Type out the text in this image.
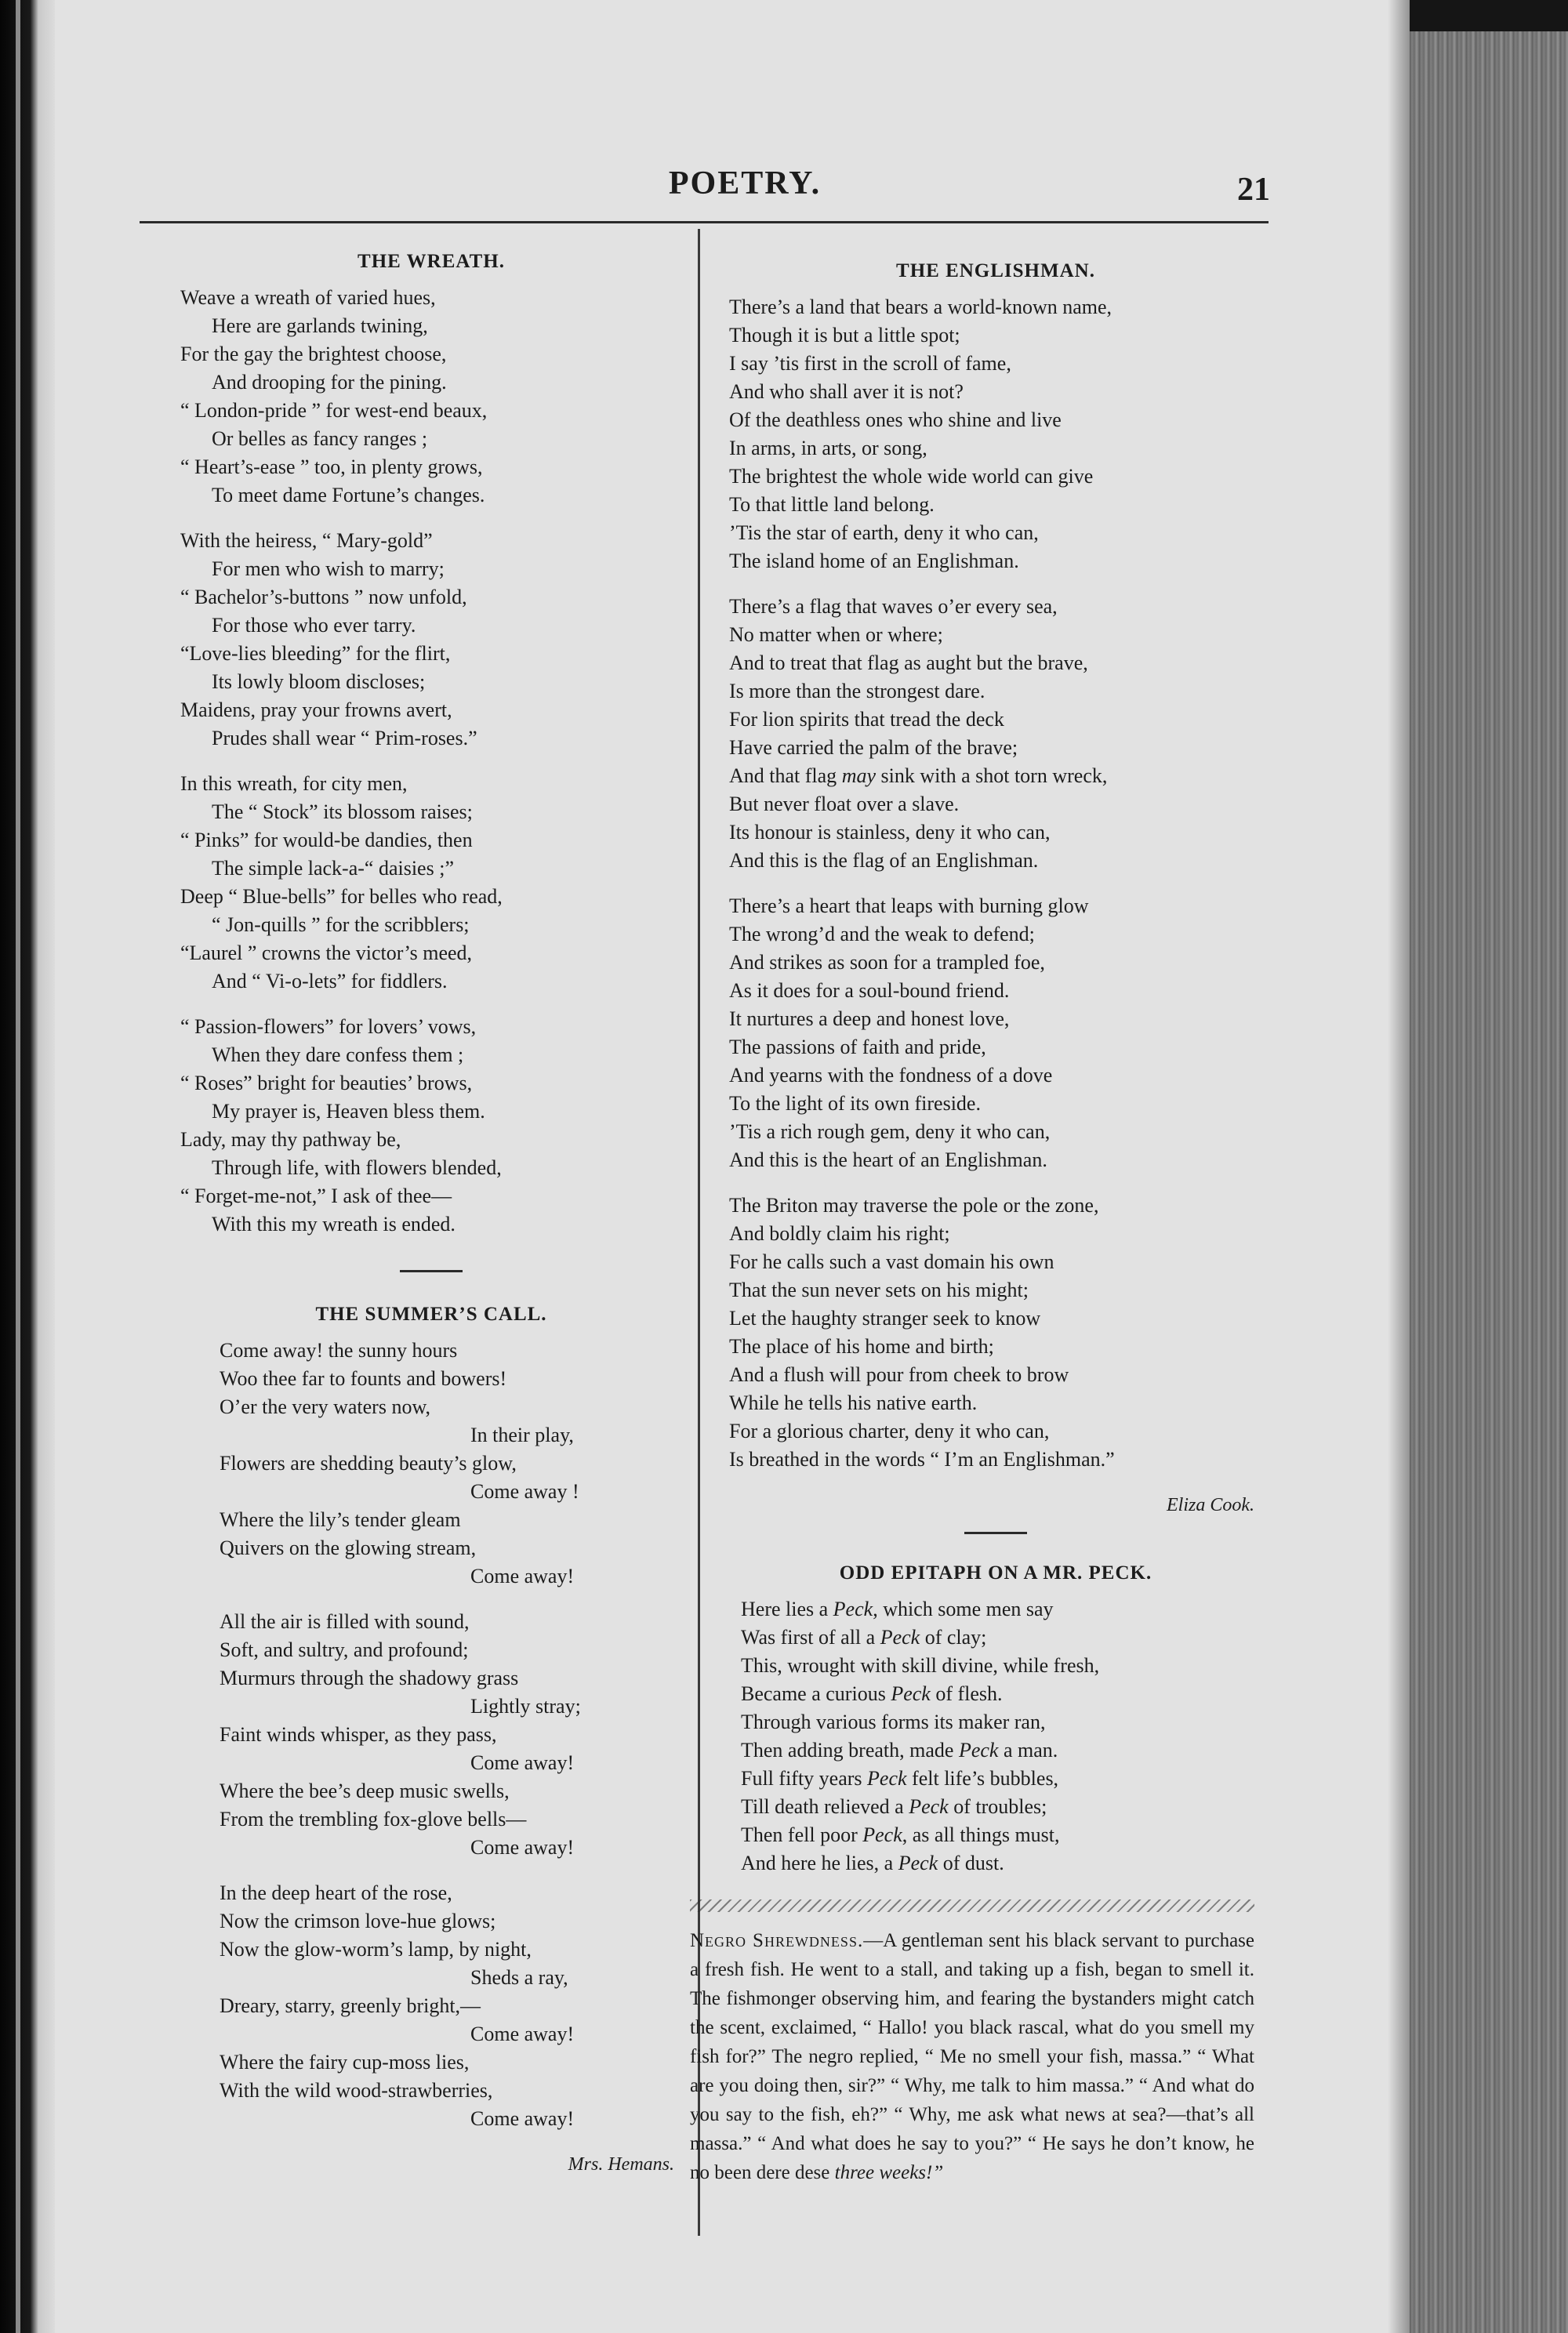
POETRY.	21
THE WREATH.
Weave a wreath of varied hues,
Here are garlands twining,
For the gay the brightest choose,
And drooping for the pining.
“ London-pride ” for west-end beaux,
Or belles as fancy ranges ;
“ Heart’s-ease ” too, in plenty grows,
To meet dame Fortune’s changes.
With the heiress, “ Mary-gold”
For men who wish to marry;
“ Bachelor’s-buttons ” now unfold,
For those who ever tarry.
“Love-lies bleeding” for the flirt,
Its lowly bloom discloses;
Maidens, pray your frowns avert,
Prudes shall wear “ Prim-roses.”
In this wreath, for city men,
The “ Stock” its blossom raises;
“ Pinks” for would-be dandies, then
The simple lack-a-“ daisies ;”
Deep “ Blue-bells” for belles who read,
“ Jon-quills ” for the scribblers;
“Laurel ” crowns the victor’s meed,
And “ Vi-o-lets” for fiddlers.
“ Passion-flowers” for lovers’ vows,
When they dare confess them ;
“ Roses” bright for beauties’ brows,
My prayer is, Heaven bless them.
Lady, may thy pathway be,
Through life, with flowers blended,
“ Forget-me-not,” I ask of thee—
With this my wreath is ended.
THE SUMMER’S CALL.
Come away! the sunny hours
Woo thee far to founts and bowers!
O’er the very waters now,
In their play,
Flowers are shedding beauty’s glow,
Come away !
Where the lily’s tender gleam
Quivers on the glowing stream,
Come away!
All the air is filled with sound,
Soft, and sultry, and profound;
Murmurs through the shadowy grass
Lightly stray;
Faint winds whisper, as they pass,
Come away!
Where the bee’s deep music swells,
From the trembling fox-glove bells—
Come away!
In the deep heart of the rose,
Now the crimson love-hue glows;
Now the glow-worm’s lamp, by night,
Sheds a ray,
Dreary, starry, greenly bright,—
Come away!
Where the fairy cup-moss lies,
With the wild wood-strawberries,
Come away!
Mrs. Hemans.
THE ENGLISHMAN.
There’s a land that bears a world-known name,
Though it is but a little spot;
I say ’tis first in the scroll of fame,
And who shall aver it is not?
Of the deathless ones who shine and live
In arms, in arts, or song,
The brightest the whole wide world can give
To that little land belong.
’Tis the star of earth, deny it who can,
The island home of an Englishman.
There’s a flag that waves o’er every sea,
No matter when or where;
And to treat that flag as aught but the brave,
Is more than the strongest dare.
For lion spirits that tread the deck
Have carried the palm of the brave;
And that flag may sink with a shot torn wreck,
But never float over a slave.
Its honour is stainless, deny it who can,
And this is the flag of an Englishman.
There’s a heart that leaps with burning glow
The wrong’d and the weak to defend;
And strikes as soon for a trampled foe,
As it does for a soul-bound friend.
It nurtures a deep and honest love,
The passions of faith and pride,
And yearns with the fondness of a dove
To the light of its own fireside.
’Tis a rich rough gem, deny it who can,
And this is the heart of an Englishman.
The Briton may traverse the pole or the zone,
And boldly claim his right;
For he calls such a vast domain his own
That the sun never sets on his might;
Let the haughty stranger seek to know
The place of his home and birth;
And a flush will pour from cheek to brow
While he tells his native earth.
For a glorious charter, deny it who can,
Is breathed in the words “ I’m an Englishman.”
Eliza Cook.
ODD EPITAPH ON A MR. PECK.
Here lies a Peck, which some men say
Was first of all a Peck of clay;
This, wrought with skill divine, while fresh,
Became a curious Peck of flesh.
Through various forms its maker ran,
Then adding breath, made Peck a man.
Full fifty years Peck felt life’s bubbles,
Till death relieved a Peck of troubles;
Then fell poor Peck, as all things must,
And here he lies, a Peck of dust.
Negro Shrewdness.—A gentleman sent his black servant to purchase a fresh fish. He went to a stall, and taking up a fish, began to smell it. The fishmonger observing him, and fearing the bystanders might catch the scent, exclaimed, “ Hallo! you black rascal, what do you smell my fish for?” The negro replied, “ Me no smell your fish, massa.” “ What are you doing then, sir?” “ Why, me talk to him massa.” “ And what do you say to the fish, eh?” “ Why, me ask what news at sea?—that’s all massa.” “ And what does he say to you?” “ He says he don’t know, he no been dere dese three weeks!”
